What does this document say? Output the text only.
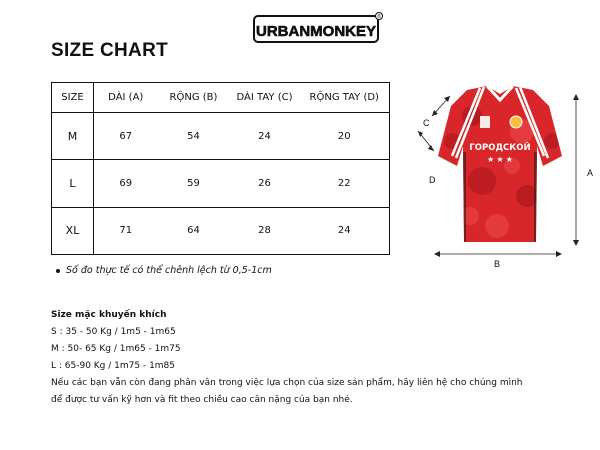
URBANMONKEY
®
SIZE CHART
SIZE	DÀI (A)	RỘNG (B)	DÀI TAY (C)	RỘNG TAY (D)
M	67	54	24	20
L	69	59	26	22
XL	71	64	28	24
Số đo thực tế có thể chênh lệch từ 0,5-1cm
Size mặc khuyến khích
S : 35 - 50 Kg / 1m5 - 1m65
M : 50- 65 Kg / 1m65 - 1m75
L : 65-90 Kg / 1m75 - 1m85
Nếu các bạn vẫn còn đang phân vân trong việc lựa chọn của size sản phẩm, hãy liên hệ cho chúng mình
để được tư vấn kỹ hơn và fit theo chiều cao cân nặng của bạn nhé.
ГОРОДСКОЙ
★ ★ ★
A
B
C
D
